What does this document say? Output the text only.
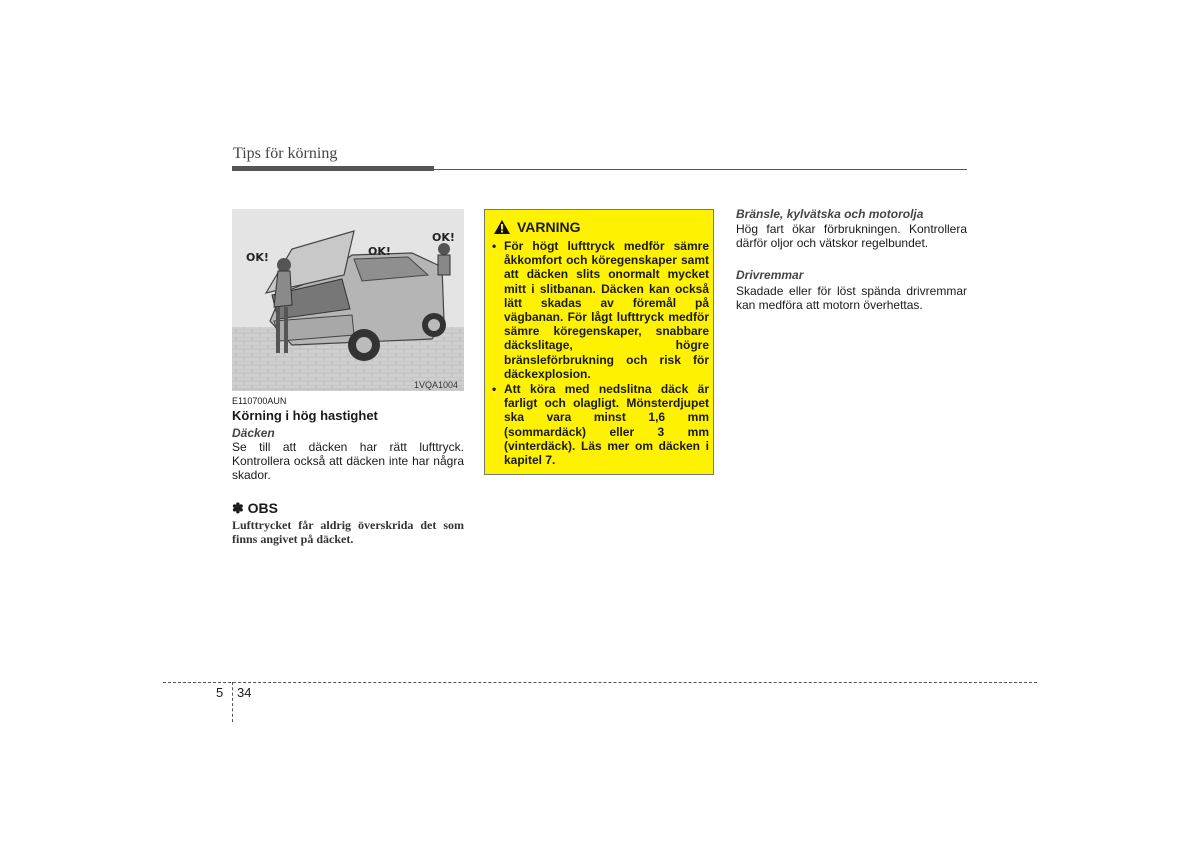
Tips för körning
OK!	OK!
OK!
1VQA1004
E110700AUN
Körning i hög hastighet
Däcken
Se till att däcken har rätt lufttryck. Kontrollera också att däcken inte har några skador.
✽ OBS
Lufttrycket får aldrig överskrida det som finns angivet på däcket.
VARNING
• För högt lufttryck medför sämre åkkomfort och köregenskaper samt att däcken slits onormalt mycket mitt i slitbanan. Däcken kan också lätt skadas av föremål på vägbanan. För lågt lufttryck medför sämre köregenskaper, snabbare däckslitage, högre bränsleförbrukning och risk för däckexplosion.
• Att köra med nedslitna däck är farligt och olagligt. Mönsterdjupet ska vara minst 1,6 mm (sommardäck) eller 3 mm (vinterdäck). Läs mer om däcken i kapitel 7.
Bränsle, kylvätska och motorolja
Hög fart ökar förbrukningen. Kontrollera därför oljor och vätskor regelbundet.
Drivremmar
Skadade eller för löst spända drivremmar kan medföra att motorn överhettas.
5 34
